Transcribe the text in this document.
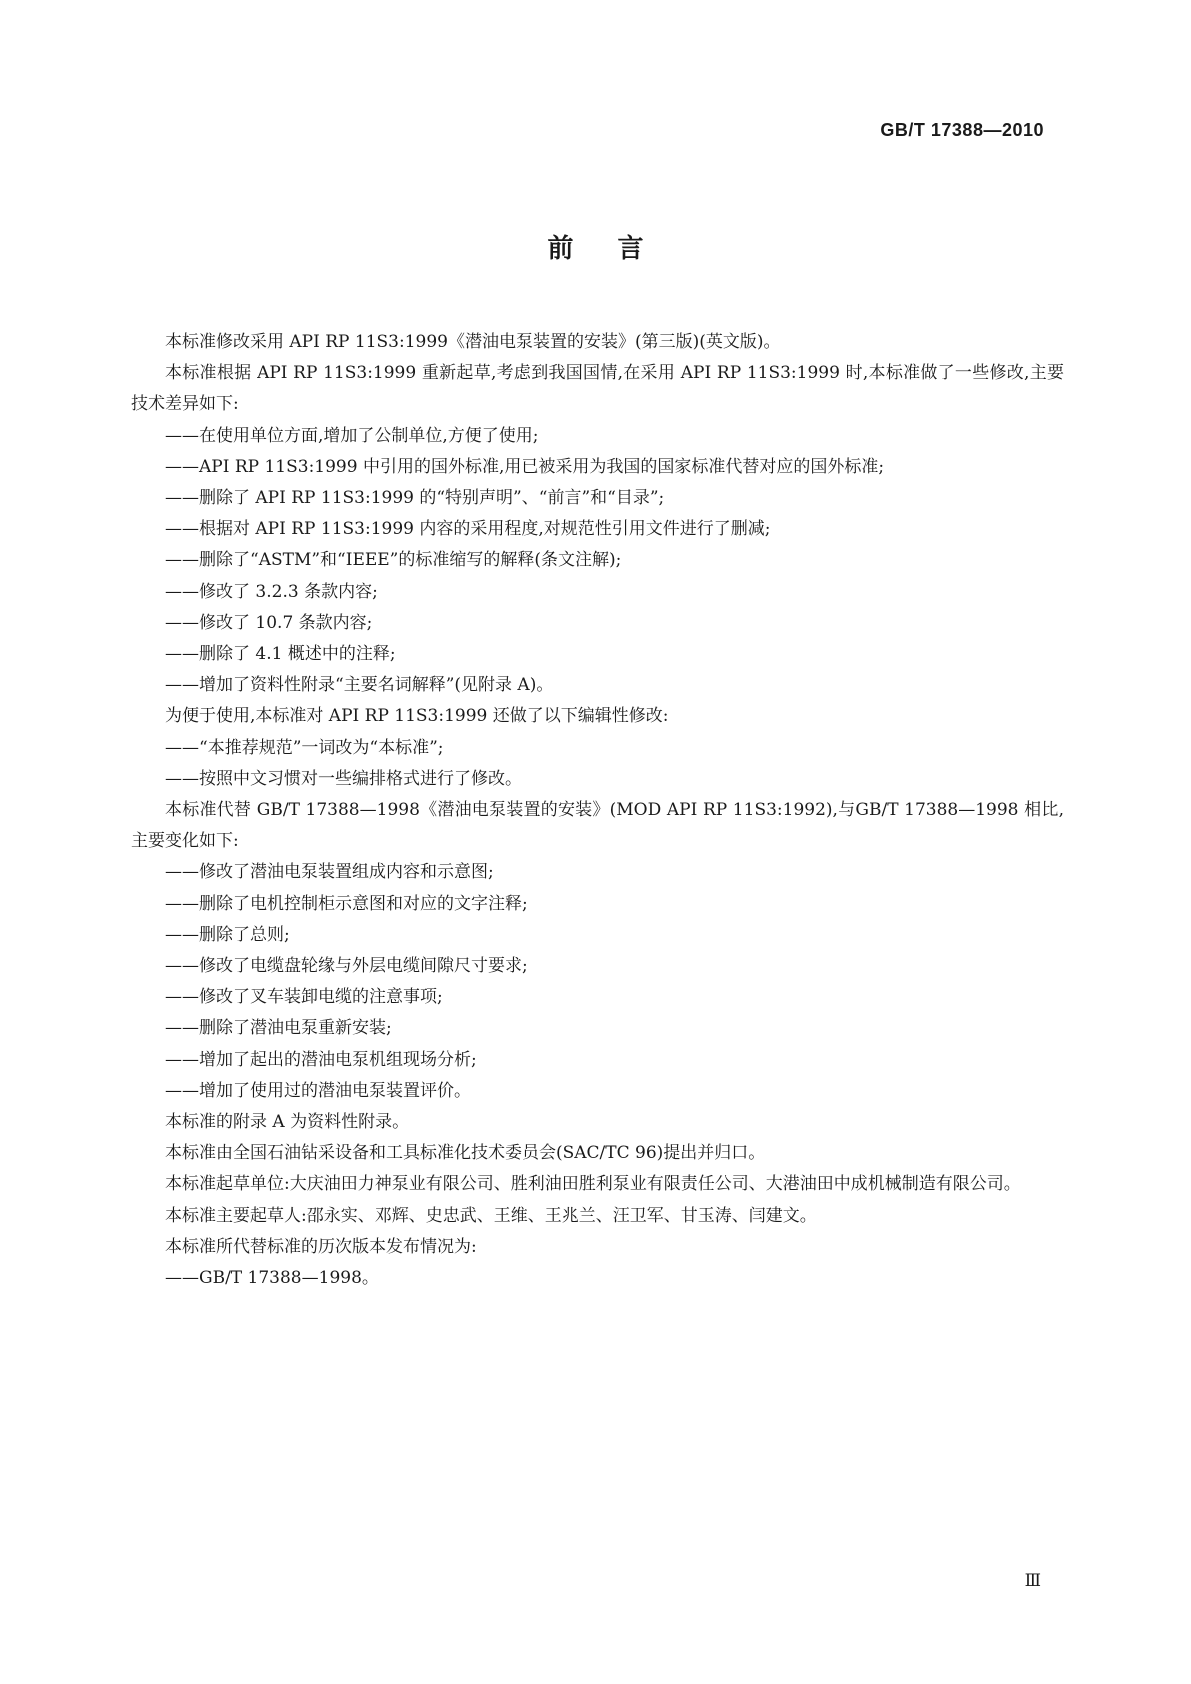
GB/T 17388—2010
前言

本标准修改采用 API RP 11S3:1999《潜油电泵装置的安装》(第三版)(英文版)。

本标准根据 API RP 11S3:1999 重新起草,考虑到我国国情,在采用 API RP 11S3:1999 时,本标准做了一些修改,主要技术差异如下:

——在使用单位方面,增加了公制单位,方便了使用;

——API RP 11S3:1999 中引用的国外标准,用已被采用为我国的国家标准代替对应的国外标准;

——删除了 API RP 11S3:1999 的“特别声明”、“前言”和“目录”;

——根据对 API RP 11S3:1999 内容的采用程度,对规范性引用文件进行了删减;

——删除了“ASTM”和“IEEE”的标准缩写的解释(条文注解);

——修改了 3.2.3 条款内容;

——修改了 10.7 条款内容;

——删除了 4.1 概述中的注释;

——增加了资料性附录“主要名词解释”(见附录 A)。

为便于使用,本标准对 API RP 11S3:1999 还做了以下编辑性修改:

——“本推荐规范”一词改为“本标准”;

——按照中文习惯对一些编排格式进行了修改。

本标准代替 GB/T 17388—1998《潜油电泵装置的安装》(MOD API RP 11S3:1992),与GB/T 17388—1998 相比,主要变化如下:

——修改了潜油电泵装置组成内容和示意图;

——删除了电机控制柜示意图和对应的文字注释;

——删除了总则;

——修改了电缆盘轮缘与外层电缆间隙尺寸要求;

——修改了叉车装卸电缆的注意事项;

——删除了潜油电泵重新安装;

——增加了起出的潜油电泵机组现场分析;

——增加了使用过的潜油电泵装置评价。

本标准的附录 A 为资料性附录。

本标准由全国石油钻采设备和工具标准化技术委员会(SAC/TC 96)提出并归口。

本标准起草单位:大庆油田力神泵业有限公司、胜利油田胜利泵业有限责任公司、大港油田中成机械制造有限公司。

本标准主要起草人:邵永实、邓辉、史忠武、王维、王兆兰、汪卫军、甘玉涛、闫建文。

本标准所代替标准的历次版本发布情况为:

——GB/T 17388—1998。

Ⅲ
